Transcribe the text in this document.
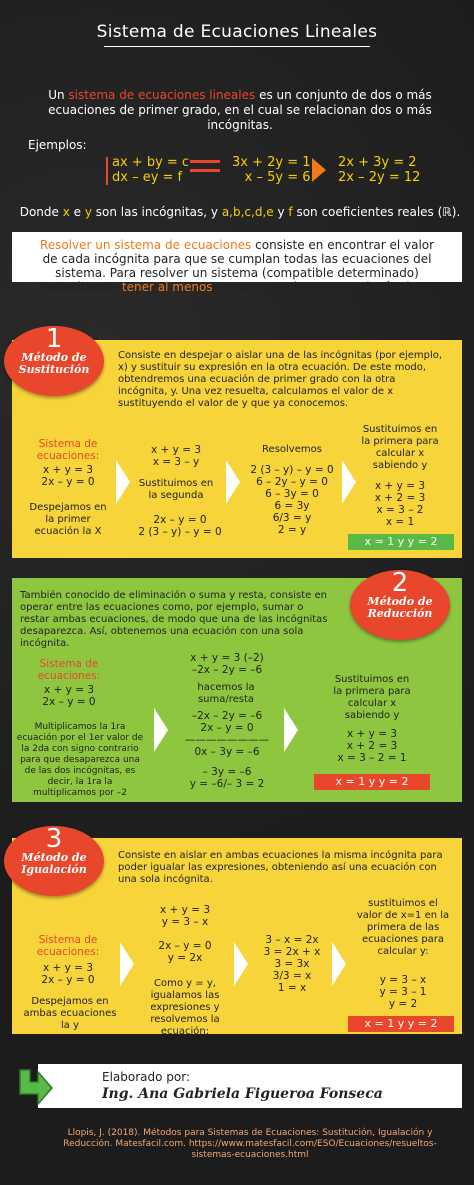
Sistema de Ecuaciones Lineales
Un sistema de ecuaciones lineales es un conjunto de dos o más
ecuaciones de primer grado, en el cual se relacionan dos o más
incógnitas.
Ejemplos:
ax + by = c
dx – ey = f
3x + 2y = 1
x – 5y = 6
2x + 3y = 2
2x – 2y = 12
Donde x e y son las incógnitas, y a,b,c,d,e y f son coeficientes reales (ℝ).
Resolver un sistema de ecuaciones consiste en encontrar el valor
de cada incógnita para que se cumplan todas las ecuaciones del
sistema. Para resolver un sistema (compatible determinado)
necesitamos tener al menos tantas ecuaciones como incógnitas.
Consiste en despejar o aislar una de las incógnitas (por ejemplo,
x) y sustituir su expresión en la otra ecuación. De este modo,
obtendremos una ecuación de primer grado con la otra
incógnita, y. Una vez resuelta, calculamos el valor de x
sustituyendo el valor de y que ya conocemos.
Sistema de
ecuaciones:
x + y = 3
2x – y = 0
Despejamos en
la primer
ecuación la X
x + y = 3
x = 3 – y
Sustituimos en
la segunda
2x – y = 0
2 (3 – y) – y = 0
Resolvemos
2 (3 – y) – y = 0
6 – 2y – y = 0
6 – 3y = 0
6 = 3y
6/3 = y
2 = y
Sustituimos en
la primera para
calcular x
sabiendo y
x + y = 3
x + 2 = 3
x = 3 – 2
x = 1
x = 1 y y = 2
1
Método de
Sustitución
También conocido de eliminación o suma y resta, consiste en
operar entre las ecuaciones como, por ejemplo, sumar o
restar ambas ecuaciones, de modo que una de las incógnitas
desaparezca. Así, obtenemos una ecuación con una sola
incógnita.
Sistema de
ecuaciones:
x + y = 3
2x – y = 0
Multiplicamos la 1ra
ecuación por el 1er valor de
la 2da con signo contrario
para que desaparezca una
de las dos incógnitas, es
decir, la 1ra la
multiplicamos por –2
x + y = 3 (–2)
–2x – 2y = –6
hacemos la
suma/resta
–2x – 2y = –6
2x – y = 0
————————
0x – 3y = –6
– 3y = –6
y = –6/– 3 = 2
Sustituimos en
la primera para
calcular x
sabiendo y
x + y = 3
x + 2 = 3
x = 3 – 2 = 1
x = 1 y y = 2
2
Método de
Reducción
Consiste en aislar en ambas ecuaciones la misma incógnita para
poder igualar las expresiones, obteniendo así una ecuación con
una sola incógnita.
Sistema de
ecuaciones:
x + y = 3
2x – y = 0
Despejamos en
ambas ecuaciones
la y
x + y = 3
y = 3 – x
2x – y = 0
y = 2x
Como y = y,
igualamos las
expresiones y
resolvemos la
ecuación:
3 – x = 2x
3 = 2x + x
3 = 3x
3/3 = x
1 = x
sustituimos el
valor de x=1 en la
primera de las
ecuaciones para
calcular y:
y = 3 – x
y = 3 – 1
y = 2
x = 1 y y = 2
3
Método de
Igualación
Elaborado por:
Ing. Ana Gabriela Figueroa Fonseca
Llopis, J. (2018). Métodos para Sistemas de Ecuaciones: Sustitución, Igualación y
Reducción. Matesfacil.com. https://www.matesfacil.com/ESO/Ecuaciones/resueltos-
sistemas-ecuaciones.html
